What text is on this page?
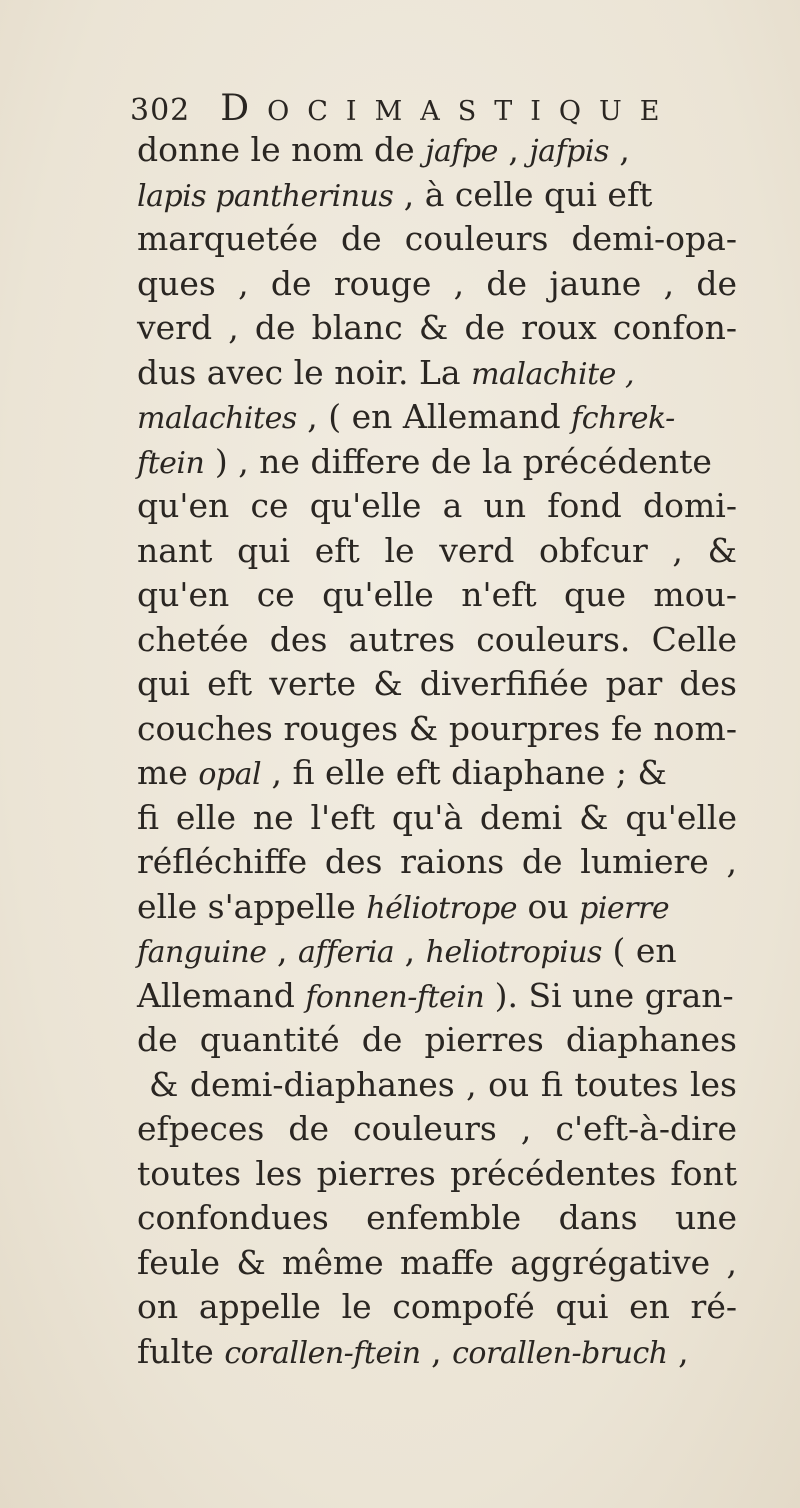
302 DOCIMASTIQUE
donne le nom de jafpe , jafpis ,
lapis pantherinus , à celle qui eft
marquetée de couleurs demi-opa-
ques , de rouge , de jaune , de
verd , de blanc & de roux confon-
dus avec le noir. La malachite ,
malachites , ( en Allemand fchrek-
ftein ) , ne differe de la précédente
qu'en ce qu'elle a un fond domi-
nant qui eft le verd obfcur , &
qu'en ce qu'elle n'eft que mou-
chetée des autres couleurs. Celle
qui eft verte & diverfifiée par des
couches rouges & pourpres fe nom-
me opal , fi elle eft diaphane ; &
fi elle ne l'eft qu'à demi & qu'elle
réfléchiffe des raions de lumiere ,
elle s'appelle héliotrope ou pierre
fanguine , afferia , heliotropius ( en
Allemand fonnen-ftein ). Si une gran-
de quantité de pierres diaphanes
& demi-diaphanes , ou fi toutes les
efpeces de couleurs , c'eft-à-dire
toutes les pierres précédentes font
confondues enfemble dans une
feule & même maffe aggrégative ,
on appelle le compofé qui en ré-
fulte corallen-ftein , corallen-bruch ,
